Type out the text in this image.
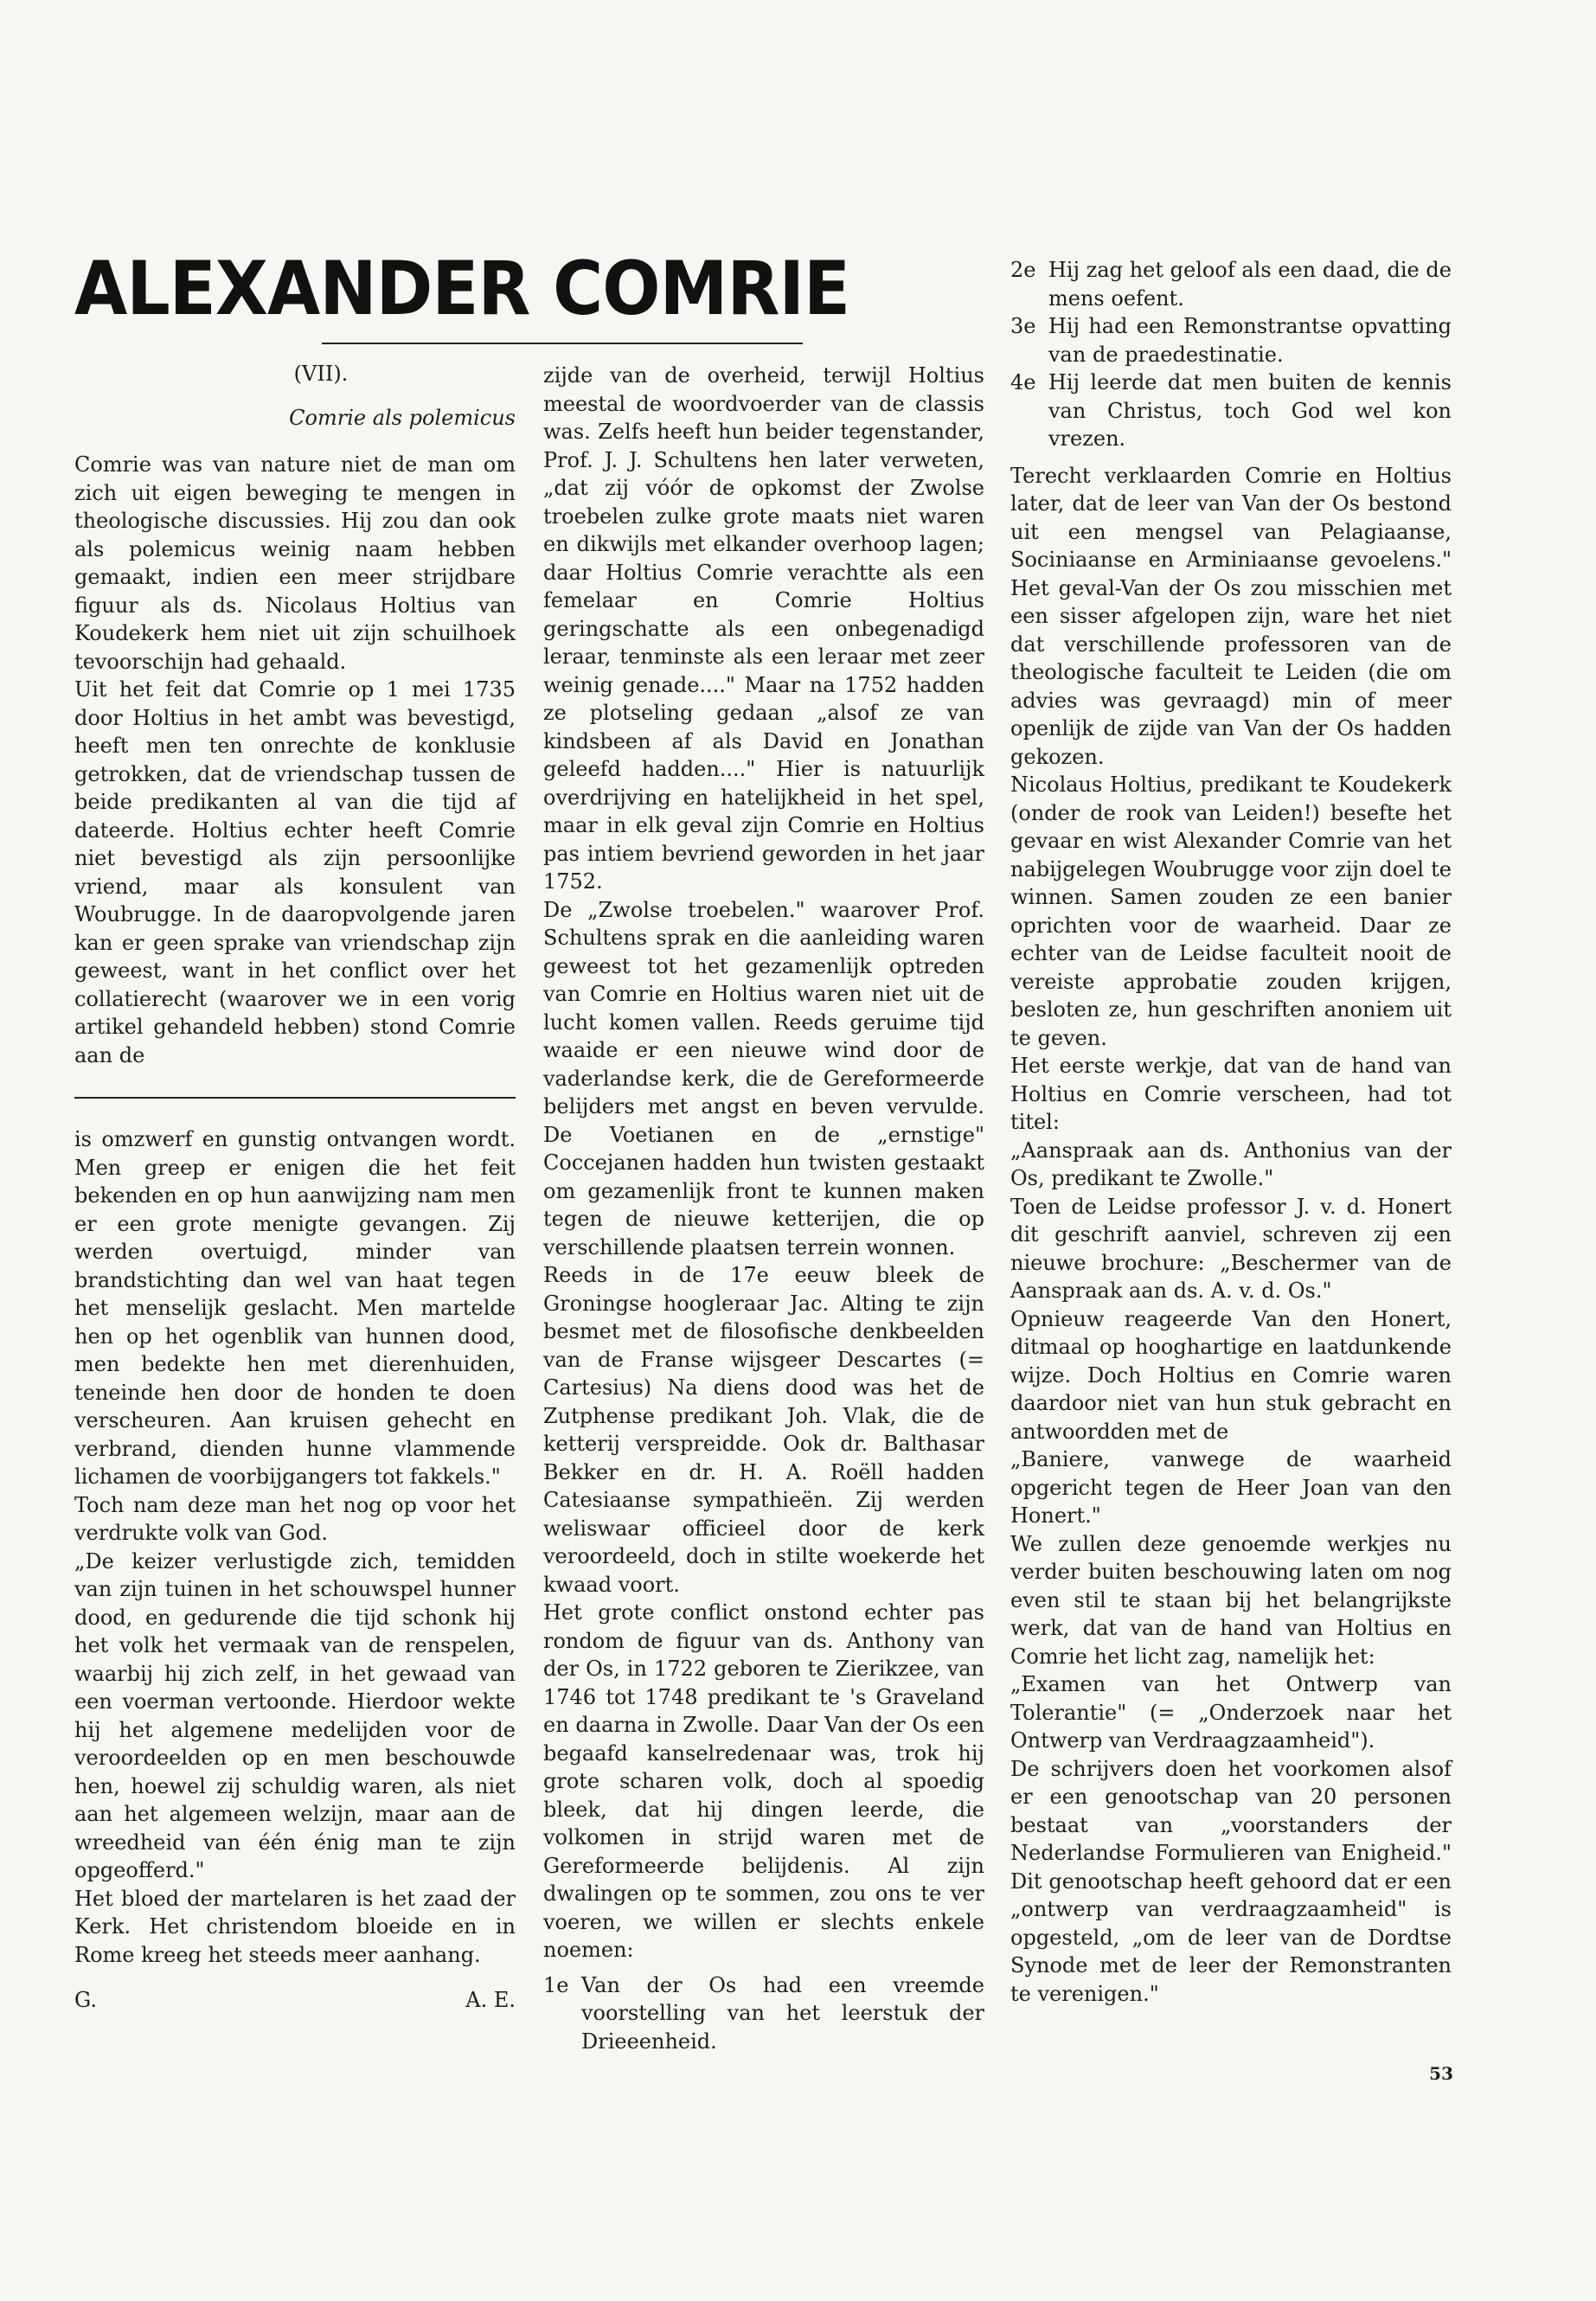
ALEXANDER COMRIE

(VII).

Comrie als polemicus

Comrie was van nature niet de man om zich uit eigen beweging te mengen in theologische discussies. Hij zou dan ook als polemicus weinig naam hebben gemaakt, indien een meer strijdbare figuur als ds. Nicolaus Holtius van Koudekerk hem niet uit zijn schuilhoek tevoorschijn had gehaald.

Uit het feit dat Comrie op 1 mei 1735 door Holtius in het ambt was bevestigd, heeft men ten onrechte de konklusie getrokken, dat de vriendschap tussen de beide predikanten al van die tijd af dateerde. Holtius echter heeft Comrie niet bevestigd als zijn persoonlijke vriend, maar als konsulent van Woubrugge. In de daaropvolgende jaren kan er geen sprake van vriendschap zijn geweest, want in het conflict over het collatierecht (waarover we in een vorig artikel gehandeld hebben) stond Comrie aan de

is omzwerf en gunstig ontvangen wordt. Men greep er enigen die het feit bekenden en op hun aanwijzing nam men er een grote menigte gevangen. Zij werden overtuigd, minder van brandstichting dan wel van haat tegen het menselijk geslacht. Men martelde hen op het ogenblik van hunnen dood, men bedekte hen met dierenhuiden, teneinde hen door de honden te doen verscheuren. Aan kruisen gehecht en verbrand, dienden hunne vlammende lichamen de voorbijgangers tot fakkels."

Toch nam deze man het nog op voor het verdrukte volk van God.

„De keizer verlustigde zich, temidden van zijn tuinen in het schouwspel hunner dood, en gedurende die tijd schonk hij het volk het vermaak van de renspelen, waarbij hij zich zelf, in het gewaad van een voerman vertoonde. Hierdoor wekte hij het algemene medelijden voor de veroordeelden op en men beschouwde hen, hoewel zij schuldig waren, als niet aan het algemeen welzijn, maar aan de wreedheid van één énig man te zijn opgeofferd."

Het bloed der martelaren is het zaad der Kerk. Het christendom bloeide en in Rome kreeg het steeds meer aanhang.

G.	A. E.

zijde van de overheid, terwijl Holtius meestal de woordvoerder van de classis was. Zelfs heeft hun beider tegenstander, Prof. J. J. Schultens hen later verweten, „dat zij vóór de opkomst der Zwolse troebelen zulke grote maats niet waren en dikwijls met elkander overhoop lagen; daar Holtius Comrie verachtte als een femelaar en Comrie Holtius geringschatte als een onbegenadigd leraar, tenminste als een leraar met zeer weinig genade...." Maar na 1752 hadden ze plotseling gedaan „alsof ze van kindsbeen af als David en Jonathan geleefd hadden...." Hier is natuurlijk overdrijving en hatelijkheid in het spel, maar in elk geval zijn Comrie en Holtius pas intiem bevriend geworden in het jaar 1752.

De „Zwolse troebelen." waarover Prof. Schultens sprak en die aanleiding waren geweest tot het gezamenlijk optreden van Comrie en Holtius waren niet uit de lucht komen vallen. Reeds geruime tijd waaide er een nieuwe wind door de vaderlandse kerk, die de Gereformeerde belijders met angst en beven vervulde. De Voetianen en de „ernstige" Coccejanen hadden hun twisten gestaakt om gezamenlijk front te kunnen maken tegen de nieuwe ketterijen, die op verschillende plaatsen terrein wonnen.

Reeds in de 17e eeuw bleek de Groningse hoogleraar Jac. Alting te zijn besmet met de filosofische denkbeelden van de Franse wijsgeer Descartes (= Cartesius) Na diens dood was het de Zutphense predikant Joh. Vlak, die de ketterij verspreidde. Ook dr. Balthasar Bekker en dr. H. A. Roëll hadden Catesiaanse sympathieën. Zij werden weliswaar officieel door de kerk veroordeeld, doch in stilte woekerde het kwaad voort.

Het grote conflict onstond echter pas rondom de figuur van ds. Anthony van der Os, in 1722 geboren te Zierikzee, van 1746 tot 1748 predikant te 's Graveland en daarna in Zwolle. Daar Van der Os een begaafd kanselredenaar was, trok hij grote scharen volk, doch al spoedig bleek, dat hij dingen leerde, die volkomen in strijd waren met de Gereformeerde belijdenis. Al zijn dwalingen op te sommen, zou ons te ver voeren, we willen er slechts enkele noemen:

1e Van der Os had een vreemde voorstelling van het leerstuk der Drieeenheid.

2e Hij zag het geloof als een daad, die de mens oefent.

3e Hij had een Remonstrantse opvatting van de praedestinatie.

4e Hij leerde dat men buiten de kennis van Christus, toch God wel kon vrezen.

Terecht verklaarden Comrie en Holtius later, dat de leer van Van der Os bestond uit een mengsel van Pelagiaanse, Sociniaanse en Arminiaanse gevoelens." Het geval-Van der Os zou misschien met een sisser afgelopen zijn, ware het niet dat verschillende professoren van de theologische faculteit te Leiden (die om advies was gevraagd) min of meer openlijk de zijde van Van der Os hadden gekozen.

Nicolaus Holtius, predikant te Koudekerk (onder de rook van Leiden!) besefte het gevaar en wist Alexander Comrie van het nabijgelegen Woubrugge voor zijn doel te winnen. Samen zouden ze een banier oprichten voor de waarheid. Daar ze echter van de Leidse faculteit nooit de vereiste approbatie zouden krijgen, besloten ze, hun geschriften anoniem uit te geven.

Het eerste werkje, dat van de hand van Holtius en Comrie verscheen, had tot titel:

„Aanspraak aan ds. Anthonius van der Os, predikant te Zwolle."

Toen de Leidse professor J. v. d. Honert dit geschrift aanviel, schreven zij een nieuwe brochure: „Beschermer van de Aanspraak aan ds. A. v. d. Os."

Opnieuw reageerde Van den Honert, ditmaal op hooghartige en laatdunkende wijze. Doch Holtius en Comrie waren daardoor niet van hun stuk gebracht en antwoordden met de

„Baniere, vanwege de waarheid opgericht tegen de Heer Joan van den Honert."

We zullen deze genoemde werkjes nu verder buiten beschouwing laten om nog even stil te staan bij het belangrijkste werk, dat van de hand van Holtius en Comrie het licht zag, namelijk het:

„Examen van het Ontwerp van Tolerantie" (= „Onderzoek naar het Ontwerp van Verdraagzaamheid").

De schrijvers doen het voorkomen alsof er een genootschap van 20 personen bestaat van „voorstanders der Nederlandse Formulieren van Enigheid." Dit genootschap heeft gehoord dat er een „ontwerp van verdraagzaamheid" is opgesteld, „om de leer van de Dordtse Synode met de leer der Remonstranten te verenigen."

53
